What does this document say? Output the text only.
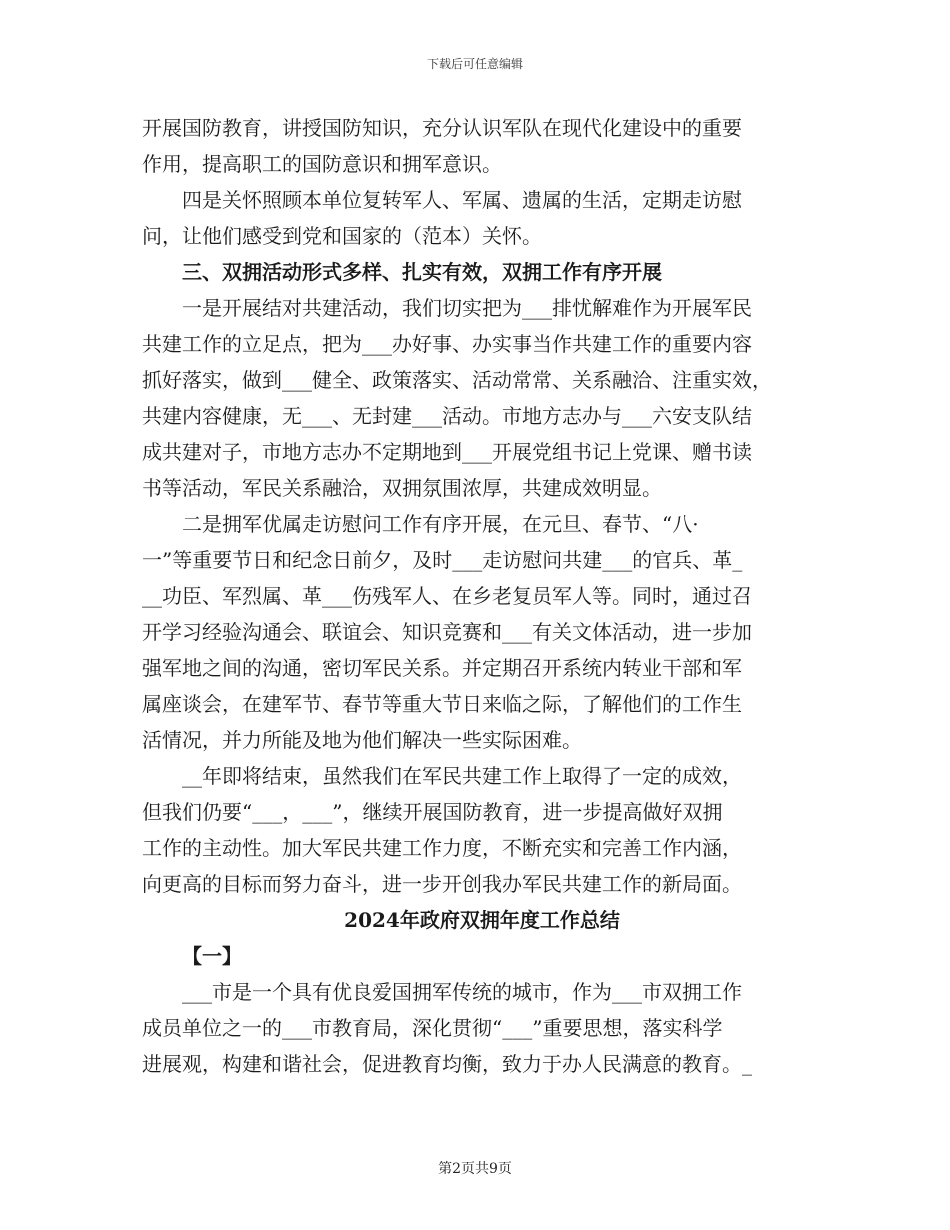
下载后可任意编辑
开展国防教育，讲授国防知识，充分认识军队在现代化建设中的重要
作用，提高职工的国防意识和拥军意识。
四是关怀照顾本单位复转军人、军属、遗属的生活，定期走访慰
问，让他们感受到党和国家的（范本）关怀。
三、双拥活动形式多样、扎实有效，双拥工作有序开展
一是开展结对共建活动，我们切实把为___排忧解难作为开展军民
共建工作的立足点，把为___办好事、办实事当作共建工作的重要内容
抓好落实，做到___健全、政策落实、活动常常、关系融洽、注重实效，
共建内容健康，无___、无封建___活动。市地方志办与___六安支队结
成共建对子，市地方志办不定期地到___开展党组书记上党课、赠书读
书等活动，军民关系融洽，双拥氛围浓厚，共建成效明显。
二是拥军优属走访慰问工作有序开展，在元旦、春节、“八·
一”等重要节日和纪念日前夕，及时___走访慰问共建___的官兵、革_
__功臣、军烈属、革___伤残军人、在乡老复员军人等。同时，通过召
开学习经验沟通会、联谊会、知识竞赛和___有关文体活动，进一步加
强军地之间的沟通，密切军民关系。并定期召开系统内转业干部和军
属座谈会，在建军节、春节等重大节日来临之际，了解他们的工作生
活情况，并力所能及地为他们解决一些实际困难。
__年即将结束，虽然我们在军民共建工作上取得了一定的成效，
但我们仍要“___，___”，继续开展国防教育，进一步提高做好双拥
工作的主动性。加大军民共建工作力度，不断充实和完善工作内涵，
向更高的目标而努力奋斗，进一步开创我办军民共建工作的新局面。
2024年政府双拥年度工作总结
【一】
___市是一个具有优良爱国拥军传统的城市，作为___市双拥工作
成员单位之一的___市教育局，深化贯彻“___”重要思想，落实科学
进展观，构建和谐社会，促进教育均衡，致力于办人民满意的教育。_
第2页共9页
